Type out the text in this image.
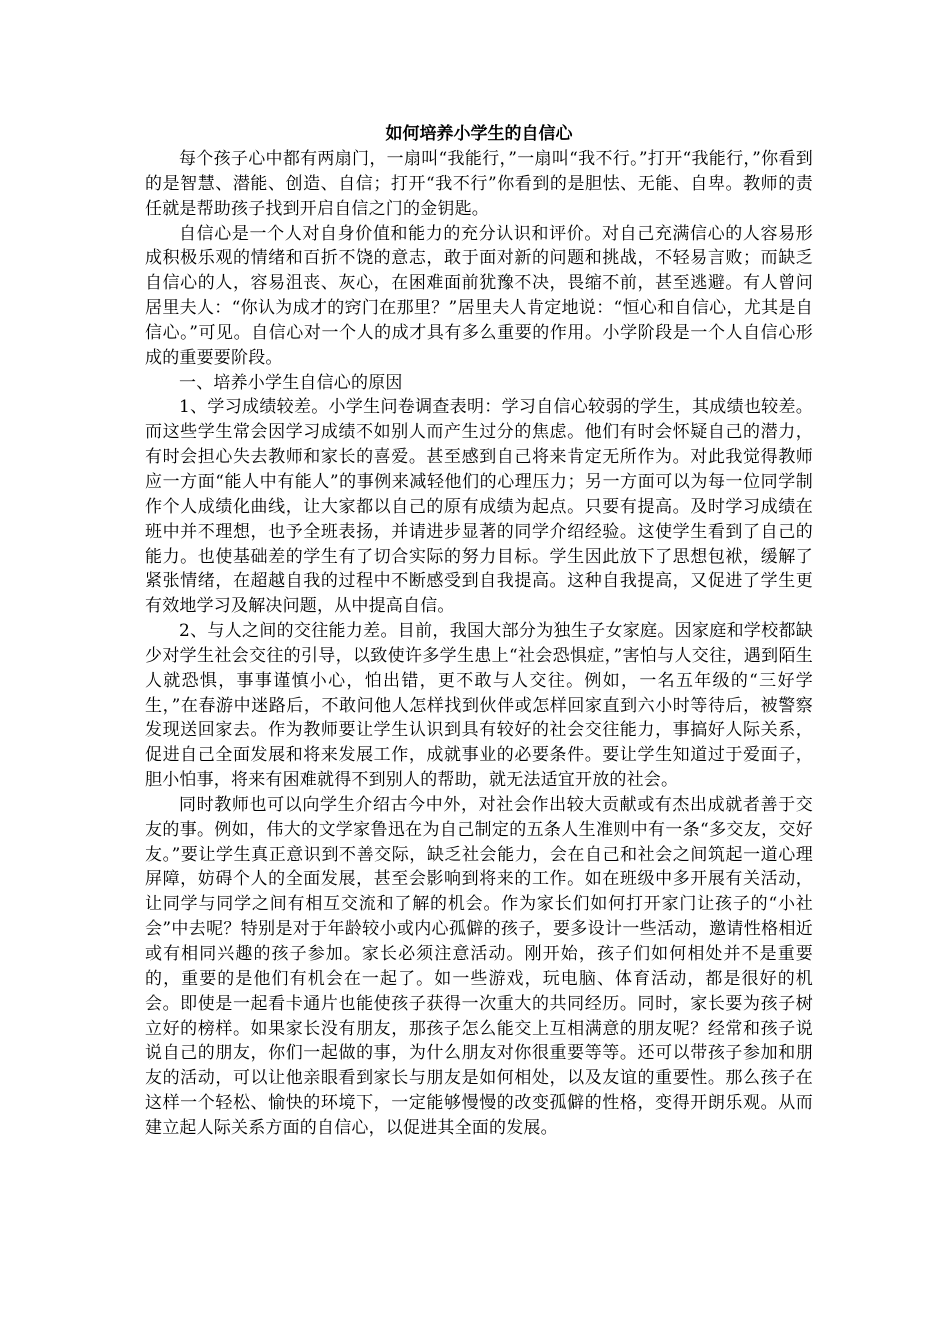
如何培养小学生的自信心

每个孩子心中都有两扇门，一扇叫“我能行，”一扇叫“我不行。”打开“我能行，”你看到的是智慧、潜能、创造、自信；打开“我不行”你看到的是胆怯、无能、自卑。教师的责任就是帮助孩子找到开启自信之门的金钥匙。

自信心是一个人对自身价值和能力的充分认识和评价。对自己充满信心的人容易形成积极乐观的情绪和百折不饶的意志，敢于面对新的问题和挑战，不轻易言败；而缺乏自信心的人，容易沮丧、灰心，在困难面前犹豫不决，畏缩不前，甚至逃避。有人曾问居里夫人：“你认为成才的窍门在那里？”居里夫人肯定地说：“恒心和自信心，尤其是自信心。”可见。自信心对一个人的成才具有多么重要的作用。小学阶段是一个人自信心形成的重要要阶段。

一、培养小学生自信心的原因

1、学习成绩较差。小学生问卷调查表明：学习自信心较弱的学生，其成绩也较差。而这些学生常会因学习成绩不如别人而产生过分的焦虑。他们有时会怀疑自己的潜力，有时会担心失去教师和家长的喜爱。甚至感到自己将来肯定无所作为。对此我觉得教师应一方面“能人中有能人”的事例来减轻他们的心理压力；另一方面可以为每一位同学制作个人成绩化曲线，让大家都以自己的原有成绩为起点。只要有提高。及时学习成绩在班中并不理想，也予全班表扬，并请进步显著的同学介绍经验。这使学生看到了自己的能力。也使基础差的学生有了切合实际的努力目标。学生因此放下了思想包袱，缓解了紧张情绪，在超越自我的过程中不断感受到自我提高。这种自我提高，又促进了学生更有效地学习及解决问题，从中提高自信。

2、与人之间的交往能力差。目前，我国大部分为独生子女家庭。因家庭和学校都缺少对学生社会交往的引导，以致使许多学生患上“社会恐惧症，”害怕与人交往，遇到陌生人就恐惧，事事谨慎小心，怕出错，更不敢与人交往。例如，一名五年级的“三好学生，”在春游中迷路后，不敢问他人怎样找到伙伴或怎样回家直到六小时等待后，被警察发现送回家去。作为教师要让学生认识到具有较好的社会交往能力，事搞好人际关系，促进自己全面发展和将来发展工作，成就事业的必要条件。要让学生知道过于爱面子，胆小怕事，将来有困难就得不到别人的帮助，就无法适宜开放的社会。

同时教师也可以向学生介绍古今中外，对社会作出较大贡献或有杰出成就者善于交友的事。例如，伟大的文学家鲁迅在为自己制定的五条人生准则中有一条“多交友，交好友。”要让学生真正意识到不善交际，缺乏社会能力，会在自己和社会之间筑起一道心理屏障，妨碍个人的全面发展，甚至会影响到将来的工作。如在班级中多开展有关活动，让同学与同学之间有相互交流和了解的机会。作为家长们如何打开家门让孩子的“小社会”中去呢？特别是对于年龄较小或内心孤僻的孩子，要多设计一些活动，邀请性格相近或有相同兴趣的孩子参加。家长必须注意活动。刚开始，孩子们如何相处并不是重要的，重要的是他们有机会在一起了。如一些游戏，玩电脑、体育活动，都是很好的机会。即使是一起看卡通片也能使孩子获得一次重大的共同经历。同时，家长要为孩子树立好的榜样。如果家长没有朋友，那孩子怎么能交上互相满意的朋友呢？经常和孩子说说自己的朋友，你们一起做的事，为什么朋友对你很重要等等。还可以带孩子参加和朋友的活动，可以让他亲眼看到家长与朋友是如何相处，以及友谊的重要性。那么孩子在这样一个轻松、愉快的环境下，一定能够慢慢的改变孤僻的性格，变得开朗乐观。从而建立起人际关系方面的自信心，以促进其全面的发展。
